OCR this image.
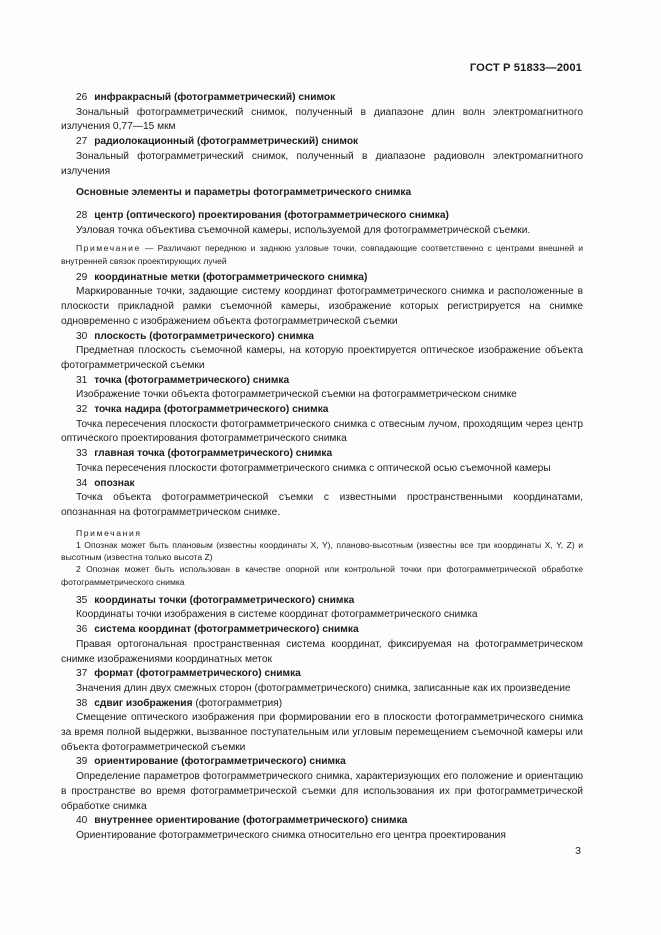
ГОСТ Р 51833—2001

26 инфракрасный (фотограмметрический) снимок

Зональный фотограмметрический снимок, полученный в диапазоне длин волн электромагнитного излучения 0,77—15 мкм

27 радиолокационный (фотограмметрический) снимок

Зональный фотограмметрический снимок, полученный в диапазоне радиоволн электромагнитного излучения

Основные элементы и параметры фотограмметрического снимка

28 центр (оптического) проектирования (фотограмметрического снимка)

Узловая точка объектива съемочной камеры, используемой для фотограмметрической съемки.

Примечание — Различают переднюю и заднюю узловые точки, совпадающие соответственно с центрами внешней и внутренней связок проектирующих лучей

29 координатные метки (фотограмметрического снимка)

Маркированные точки, задающие систему координат фотограмметрического снимка и расположенные в плоскости прикладной рамки съемочной камеры, изображение которых регистрируется на снимке одновременно с изображением объекта фотограмметрической съемки

30 плоскость (фотограмметрического) снимка

Предметная плоскость съемочной камеры, на которую проектируется оптическое изображение объекта фотограмметрической съемки

31 точка (фотограмметрического) снимка

Изображение точки объекта фотограмметрической съемки на фотограмметрическом снимке

32 точка надира (фотограмметрического) снимка

Точка пересечения плоскости фотограмметрического снимка с отвесным лучом, проходящим через центр оптического проектирования фотограмметрического снимка

33 главная точка (фотограмметрического) снимка

Точка пересечения плоскости фотограмметрического снимка с оптической осью съемочной камеры

34 опознак

Точка объекта фотограмметрической съемки с известными пространственными координатами, опознанная на фотограмметрическом снимке.

Примечания

1 Опознак может быть плановым (известны координаты X, Y), планово-высотным (известны все три координаты X, Y, Z) и высотным (известна только высота Z)

2 Опознак может быть использован в качестве опорной или контрольной точки при фотограмметрической обработке фотограмметрического снимка

35 координаты точки (фотограмметрического) снимка

Координаты точки изображения в системе координат фотограмметрического снимка

36 система координат (фотограмметрического) снимка

Правая ортогональная пространственная система координат, фиксируемая на фотограмметрическом снимке изображениями координатных меток

37 формат (фотограмметрического) снимка

Значения длин двух смежных сторон (фотограмметрического) снимка, записанные как их произведение

38 сдвиг изображения (фотограмметрия)

Смещение оптического изображения при формировании его в плоскости фотограмметрического снимка за время полной выдержки, вызванное поступательным или угловым перемещением съемочной камеры или объекта фотограмметрической съемки

39 ориентирование (фотограмметрического) снимка

Определение параметров фотограмметрического снимка, характеризующих его положение и ориентацию в пространстве во время фотограмметрической съемки для использования их при фотограмметрической обработке снимка

40 внутреннее ориентирование (фотограмметрического) снимка

Ориентирование фотограмметрического снимка относительно его центра проектирования

3
